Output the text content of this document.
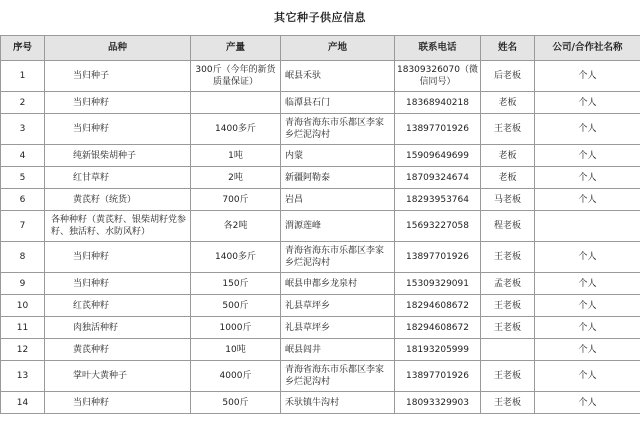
其它种子供应信息
序号	品种	产量	产地	联系电话	姓名	公司/合作社名称
1	当归种子	300斤（今年的新货质量保证）	岷县禾驮	18309326070（微信同号）	后老板	个人
2	当归种籽		临潭县石门	18368940218	老板	个人
3	当归种籽	1400多斤	青海省海东市乐都区李家乡烂泥沟村	13897701926	王老板	个人
4	纯新银柴胡种子	1吨	内蒙	15909649699	老板	个人
5	红甘草籽	2吨	新疆阿勒泰	18709324674	老板	个人
6	黄芪籽（统货）	700斤	岩昌	18293953764	马老板	个人
7	各种种籽（黄芪籽、银柴胡籽党参籽、独活籽、水防风籽）	各2吨	渭源莲峰	15693227058	程老板	
8	当归种籽	1400多斤	青海省海东市乐都区李家乡烂泥沟村	13897701926	王老板	个人
9	当归种籽	150斤	岷县申都乡龙泉村	15309329091	孟老板	个人
10	红芪种籽	500斤	礼县草坪乡	18294608672	王老板	个人
11	肉独活种籽	1000斤	礼县草坪乡	18294608672	王老板	个人
12	黄芪种籽	10吨	岷县闾井	18193205999		个人
13	掌叶大黄种子	4000斤	青海省海东市乐都区李家乡烂泥沟村	13897701926	王老板	个人
14	当归种籽	500斤	禾驮镇牛沟村	18093329903	王老板	个人
